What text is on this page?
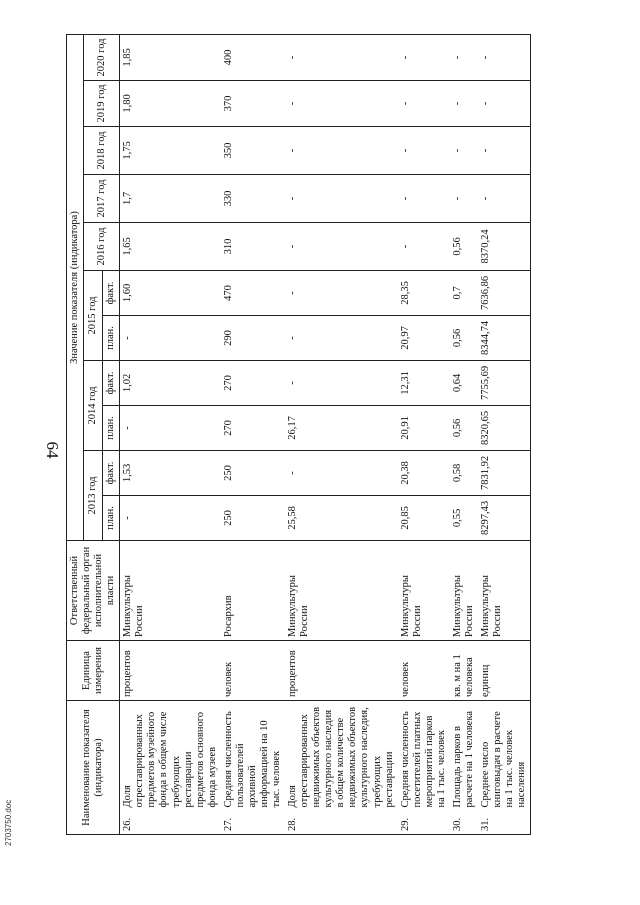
64
2703750.doc	Наименование показателя (индикатора)		Единица измерения	Ответственный федеральный орган исполнительной власти	Значение показателя (индикатора)										
				2013 год		2014 год		2015 год		2016 год	2017 год	2018 год	2019 год	2020 год
				план.	факт.	план.	факт.	план.	факт.					
26.	Доля отреставрированных предметов музейного фонда в общем числе требующих реставрации предметов основного фонда музеев	процентов	Минкультуры России	-	1,53	-	1,02	-	1,60	1,65	1,7	1,75	1,80	1,85
27.	Средняя численность пользователей архивной информацией на 10 тыс. человек	человек	Росархив	250	250	270	270	290	470	310	330	350	370	400
28.	Доля отреставрированных недвижимых объектов культурного наследия в общем количестве недвижимых объектов культурного наследия, требующих реставрации	процентов	Минкультуры России	25,58	-	26,17	-	-	-	-	-	-	-	-
29.	Средняя численность посетителей платных мероприятий парков на 1 тыс. человек	человек	Минкультуры России	20,85	20,38	20,91	12,31	20,97	28,35	-	-	-	-	-
30.	Площадь парков в расчете на 1 человека	кв. м на 1 человека	Минкультуры России	0,55	0,58	0,56	0,64	0,56	0,7	0,56	-	-	-	-
31.	Среднее число книговыдач в расчете на 1 тыс. человек населения	единиц	Минкультуры России	8297,43	7831,92	8320,65	7755,69	8344,74	7636,86	8370,24	-	-	-	-
